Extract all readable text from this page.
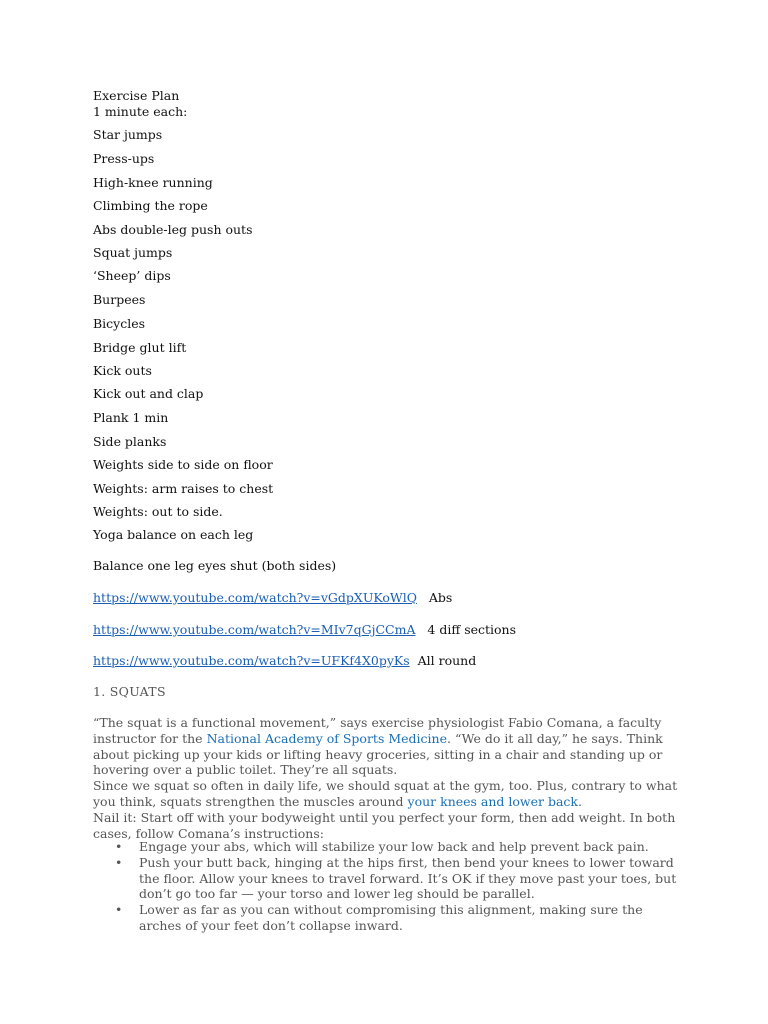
Exercise Plan
1 minute each:
Star jumps
Press-ups
High-knee running
Climbing the rope
Abs double-leg push outs
Squat jumps
‘Sheep’ dips
Burpees
Bicycles
Bridge glut lift
Kick outs
Kick out and clap
Plank 1 min
Side planks
Weights side to side on floor
Weights: arm raises to chest
Weights: out to side.
Yoga balance on each leg
Balance one leg eyes shut (both sides)
https://www.youtube.com/watch?v=vGdpXUKoWlQ Abs
https://www.youtube.com/watch?v=MIv7qGjCCmA 4 diff sections
https://www.youtube.com/watch?v=UFKf4X0pyKs All round
1. SQUATS
“The squat is a functional movement,” says exercise physiologist Fabio Comana, a faculty instructor for the National Academy of Sports Medicine. “We do it all day,” he says. Think about picking up your kids or lifting heavy groceries, sitting in a chair and standing up or hovering over a public toilet. They’re all squats.
Since we squat so often in daily life, we should squat at the gym, too. Plus, contrary to what you think, squats strengthen the muscles around your knees and lower back.
Nail it: Start off with your bodyweight until you perfect your form, then add weight. In both cases, follow Comana’s instructions:
• Engage your abs, which will stabilize your low back and help prevent back pain.
• Push your butt back, hinging at the hips first, then bend your knees to lower toward the floor. Allow your knees to travel forward. It’s OK if they move past your toes, but don’t go too far — your torso and lower leg should be parallel.
• Lower as far as you can without compromising this alignment, making sure the arches of your feet don’t collapse inward.
